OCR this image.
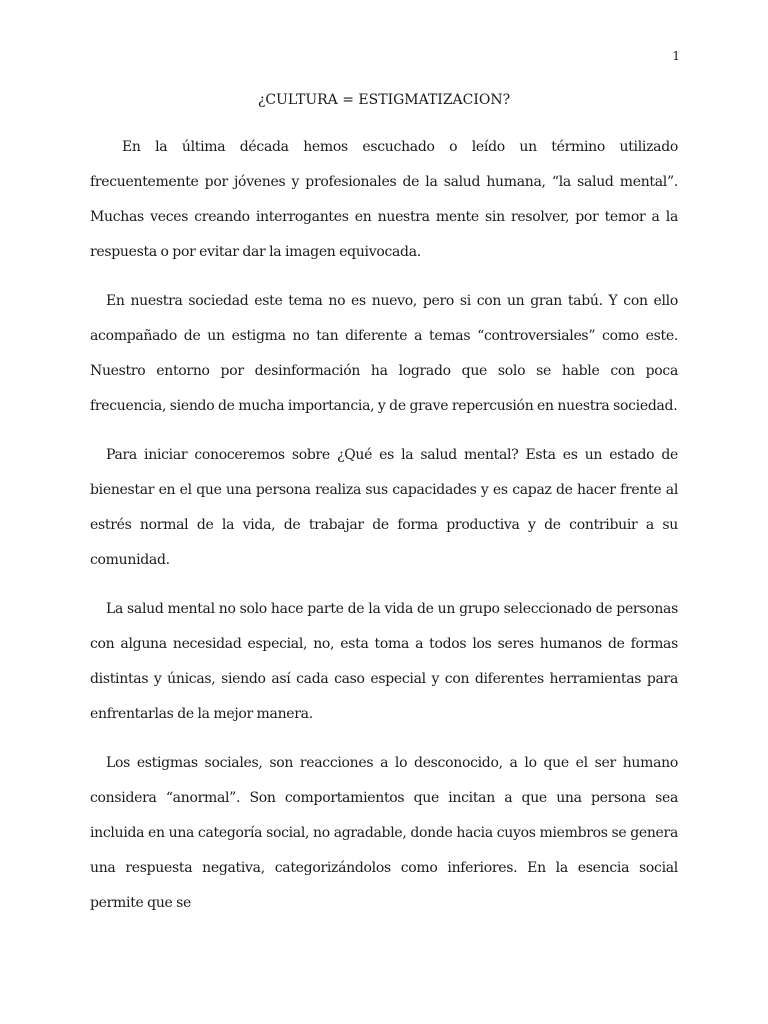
1
¿CULTURA = ESTIGMATIZACION?

En la última década hemos escuchado o leído un término utilizado frecuentemente por jóvenes y profesionales de la salud humana, “la salud mental”. Muchas veces creando interrogantes en nuestra mente sin resolver, por temor a la respuesta o por evitar dar la imagen equivocada.

En nuestra sociedad este tema no es nuevo, pero si con un gran tabú. Y con ello acompañado de un estigma no tan diferente a temas “controversiales” como este. Nuestro entorno por desinformación ha logrado que solo se hable con poca frecuencia, siendo de mucha importancia, y de grave repercusión en nuestra sociedad.

Para iniciar conoceremos sobre ¿Qué es la salud mental? Esta es un estado de bienestar en el que una persona realiza sus capacidades y es capaz de hacer frente al estrés normal de la vida, de trabajar de forma productiva y de contribuir a su comunidad.

La salud mental no solo hace parte de la vida de un grupo seleccionado de personas con alguna necesidad especial, no, esta toma a todos los seres humanos de formas distintas y únicas, siendo así cada caso especial y con diferentes herramientas para enfrentarlas de la mejor manera.

Los estigmas sociales, son reacciones a lo desconocido, a lo que el ser humano considera “anormal”. Son comportamientos que incitan a que una persona sea incluida en una categoría social, no agradable, donde hacia cuyos miembros se genera una respuesta negativa, categorizándolos como inferiores. En la esencia social permite que se
